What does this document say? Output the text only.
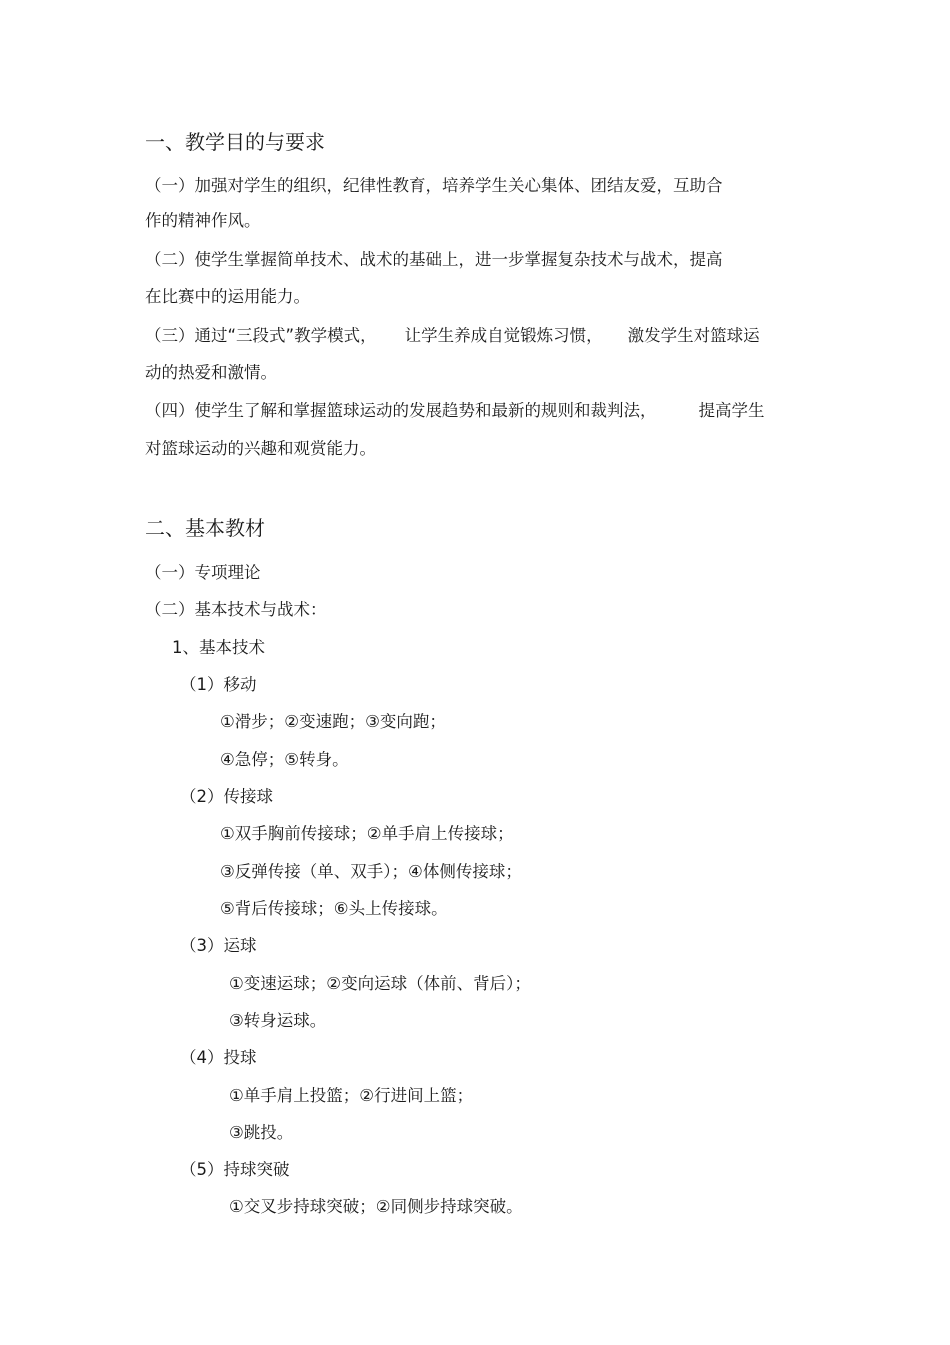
一、教学目的与要求
（一）加强对学生的组织，纪律性教育，培养学生关心集体、团结友爱，互助合
作的精神作风。
（二）使学生掌握简单技术、战术的基础上，进一步掌握复杂技术与战术，提高
在比赛中的运用能力。
（三）通过“三段式”教学模式， 让学生养成自觉锻炼习惯， 激发学生对篮球运
动的热爱和激情。
（四）使学生了解和掌握篮球运动的发展趋势和最新的规则和裁判法，	提高学生
对篮球运动的兴趣和观赏能力。
二、基本教材
（一）专项理论
（二）基本技术与战术：
1、基本技术
（1）移动
①滑步；②变速跑；③变向跑；
④急停；⑤转身。
（2）传接球
①双手胸前传接球；②单手肩上传接球；
③反弹传接（单、双手）；④体侧传接球；
⑤背后传接球；⑥头上传接球。
（3）运球
①变速运球；②变向运球（体前、背后）；
③转身运球。
（4）投球
①单手肩上投篮；②行进间上篮；
③跳投。
（5）持球突破
①交叉步持球突破；②同侧步持球突破。
